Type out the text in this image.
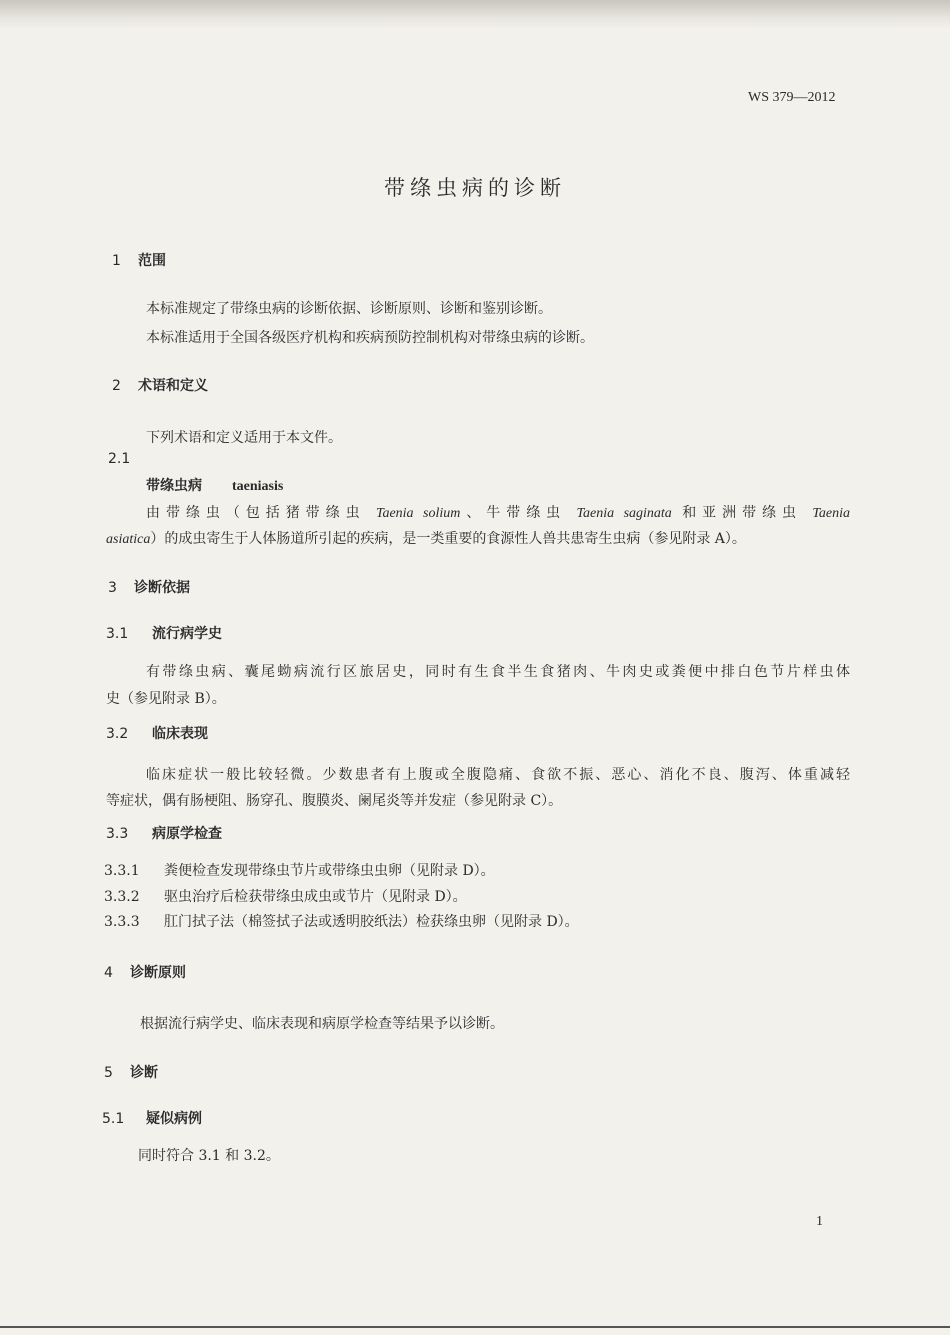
WS 379—2012
带绦虫病的诊断
1 范围
本标准规定了带绦虫病的诊断依据、诊断原则、诊断和鉴别诊断。
本标准适用于全国各级医疗机构和疾病预防控制机构对带绦虫病的诊断。
2 术语和定义
下列术语和定义适用于本文件。
2.1
带绦虫病 taeniasis
由带绦虫（包括猪带绦虫 Taenia solium、牛带绦虫 Taenia saginata 和亚洲带绦虫 Taenia
asiatica）的成虫寄生于人体肠道所引起的疾病，是一类重要的食源性人兽共患寄生虫病（参见附录 A）。
3 诊断依据
3.1 流行病学史
有带绦虫病、囊尾蚴病流行区旅居史，同时有生食半生食猪肉、牛肉史或粪便中排白色节片样虫体
史（参见附录 B）。
3.2 临床表现
临床症状一般比较轻微。少数患者有上腹或全腹隐痛、食欲不振、恶心、消化不良、腹泻、体重减轻
等症状，偶有肠梗阻、肠穿孔、腹膜炎、阑尾炎等并发症（参见附录 C）。
3.3 病原学检查
3.3.1 粪便检查发现带绦虫节片或带绦虫虫卵（见附录 D）。
3.3.2 驱虫治疗后检获带绦虫成虫或节片（见附录 D）。
3.3.3 肛门拭子法（棉签拭子法或透明胶纸法）检获绦虫卵（见附录 D）。
4 诊断原则
根据流行病学史、临床表现和病原学检查等结果予以诊断。
5 诊断
5.1 疑似病例
同时符合 3.1 和 3.2。
1
